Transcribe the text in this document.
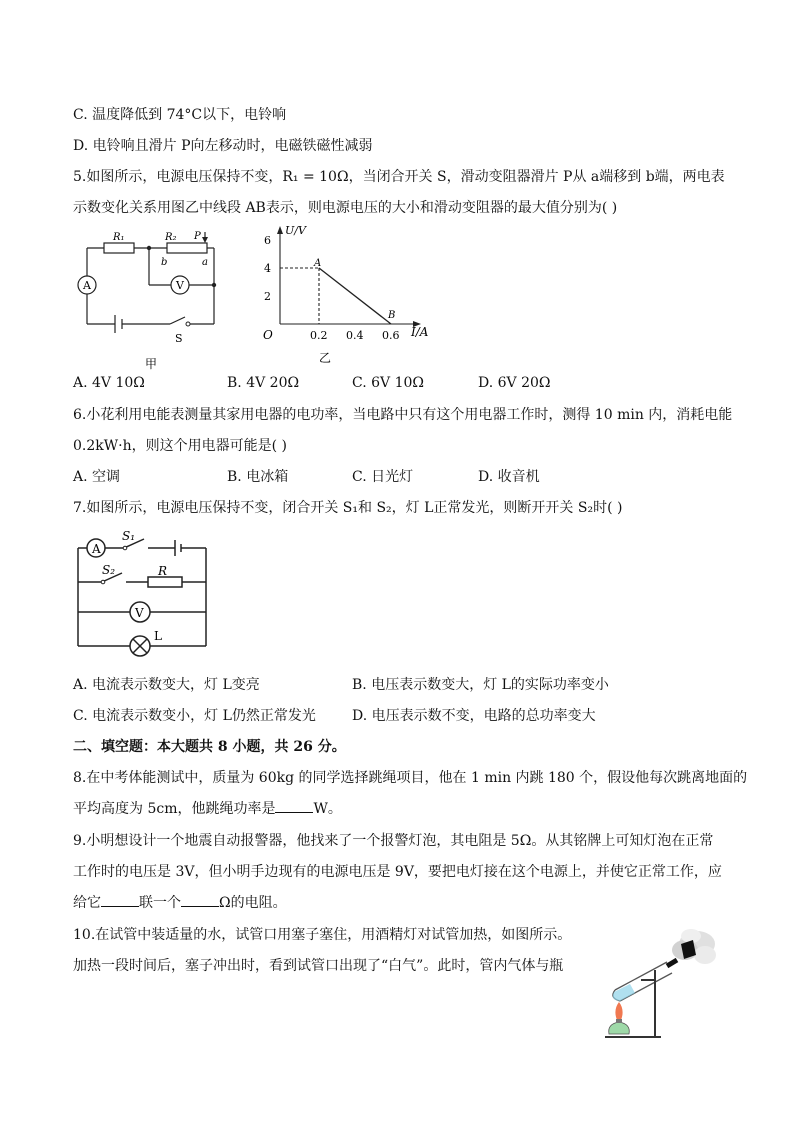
C. 温度降低到 74°C以下，电铃响
D. 电铃响且滑片 P向左移动时，电磁铁磁性减弱
5.如图所示，电源电压保持不变，R₁ = 10Ω，当闭合开关 S，滑动变阻器滑片 P从 a端移到 b端，两电表
示数变化关系用图乙中线段 AB表示，则电源电压的大小和滑动变阻器的最大值分别为( )
R₁	R₂ P
b	a
A	V
S
甲
U/V
6
4
2
O	0.2 0.4 0.6 I/A
A
B
乙
A. 4V 10Ω	B. 4V 20Ω	C. 6V 10Ω	D. 6V 20Ω
6.小花利用电能表测量其家用电器的电功率，当电路中只有这个用电器工作时，测得 10 min 内，消耗电能
0.2kW·h，则这个用电器可能是( )
A. 空调	B. 电冰箱	C. 日光灯	D. 收音机
7.如图所示，电源电压保持不变，闭合开关 S₁和 S₂，灯 L正常发光，则断开开关 S₂时( )
A
S₁
S₂	R
V
L
A. 电流表示数变大，灯 L变亮	B. 电压表示数变大，灯 L的实际功率变小
C. 电流表示数变小，灯 L仍然正常发光	D. 电压表示数不变，电路的总功率变大
二、填空题：本大题共 8 小题，共 26 分。
8.在中考体能测试中，质量为 60kg 的同学选择跳绳项目，他在 1 min 内跳 180 个，假设他每次跳离地面的
平均高度为 5cm，他跳绳功率是	W。
9.小明想设计一个地震自动报警器，他找来了一个报警灯泡，其电阻是 5Ω。从其铭牌上可知灯泡在正常
工作时的电压是 3V，但小明手边现有的电源电压是 9V，要把电灯接在这个电源上，并使它正常工作，应
给它	联一个	Ω的电阻。
10.在试管中装适量的水，试管口用塞子塞住，用酒精灯对试管加热，如图所示。
加热一段时间后，塞子冲出时，看到试管口出现了“白气”。此时，管内气体与瓶
